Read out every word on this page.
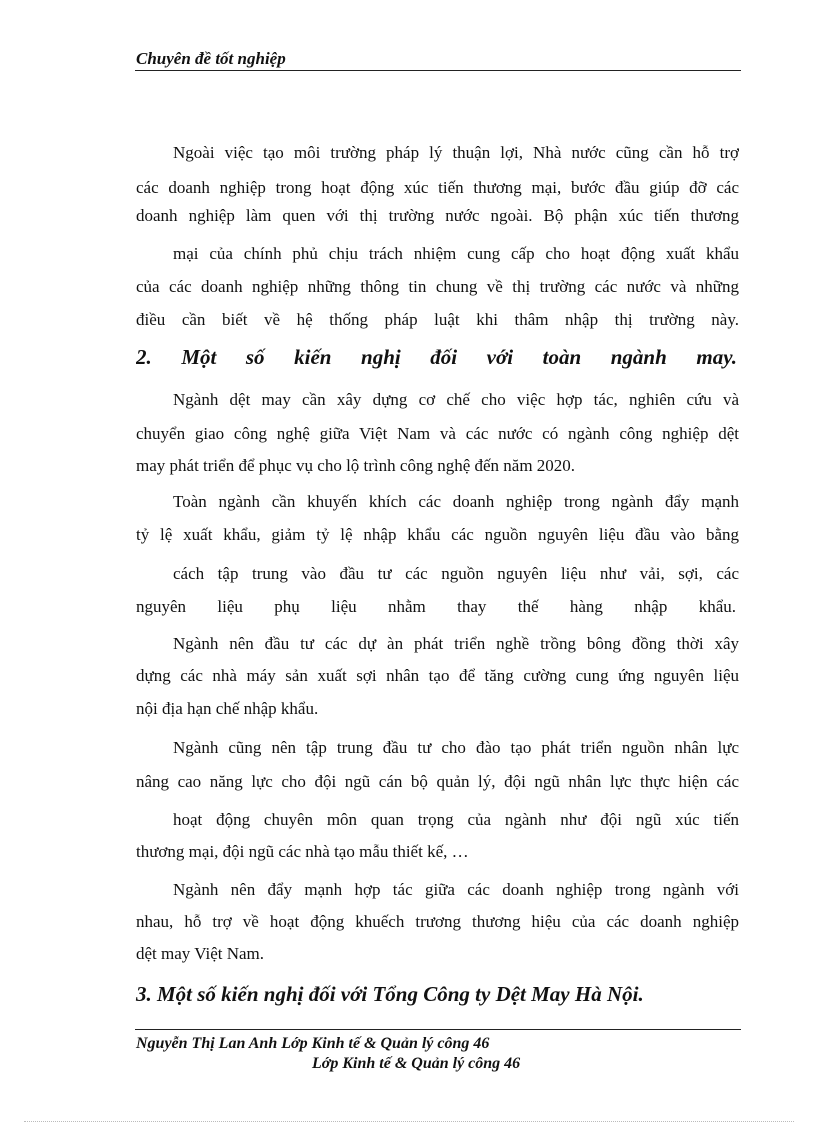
Chuyên đề tốt nghiệp
Ngoài việc tạo môi trường pháp lý thuận lợi, Nhà nước cũng cần hỗ trợ
các doanh nghiệp trong hoạt động xúc tiến thương mại, bước đầu giúp đỡ các
doanh nghiệp làm quen với thị trường nước ngoài. Bộ phận xúc tiến thương
mại của chính phủ chịu trách nhiệm cung cấp cho hoạt động xuất khẩu
của các doanh nghiệp những thông tin chung về thị trường các nước và những
điều cần biết về hệ thống pháp luật khi thâm nhập thị trường này.
2. Một số kiến nghị đối với toàn ngành may.
Ngành dệt may cần xây dựng cơ chế cho việc hợp tác, nghiên cứu và
chuyển giao công nghệ giữa Việt Nam và các nước có ngành công nghiệp dệt
may phát triển để phục vụ cho lộ trình công nghệ đến năm 2020.
Toàn ngành cần khuyến khích các doanh nghiệp trong ngành đẩy mạnh
tỷ lệ xuất khẩu, giảm tỷ lệ nhập khẩu các nguồn nguyên liệu đầu vào bằng
cách tập trung vào đầu tư các nguồn nguyên liệu như vải, sợi, các
nguyên liệu phụ liệu nhằm thay thế hàng nhập khẩu.
Ngành nên đầu tư các dự àn phát triển nghề trồng bông đồng thời xây
dựng các nhà máy sản xuất sợi nhân tạo để tăng cường cung ứng nguyên liệu
nội địa hạn chế nhập khẩu.
Ngành cũng nên tập trung đầu tư cho đào tạo phát triển nguồn nhân lực
nâng cao năng lực cho đội ngũ cán bộ quản lý, đội ngũ nhân lực thực hiện các
hoạt động chuyên môn quan trọng của ngành như đội ngũ xúc tiến
thương mại, đội ngũ các nhà tạo mẫu thiết kế, …
Ngành nên đẩy mạnh hợp tác giữa các doanh nghiệp trong ngành với
nhau, hỗ trợ về hoạt động khuếch trương thương hiệu của các doanh nghiệp
dệt may Việt Nam.
3. Một số kiến nghị đối với Tổng Công ty Dệt May Hà Nội.
Nguyễn Thị Lan Anh Lớp Kinh tế & Quản lý công 46
Lớp Kinh tế & Quản lý công 46
